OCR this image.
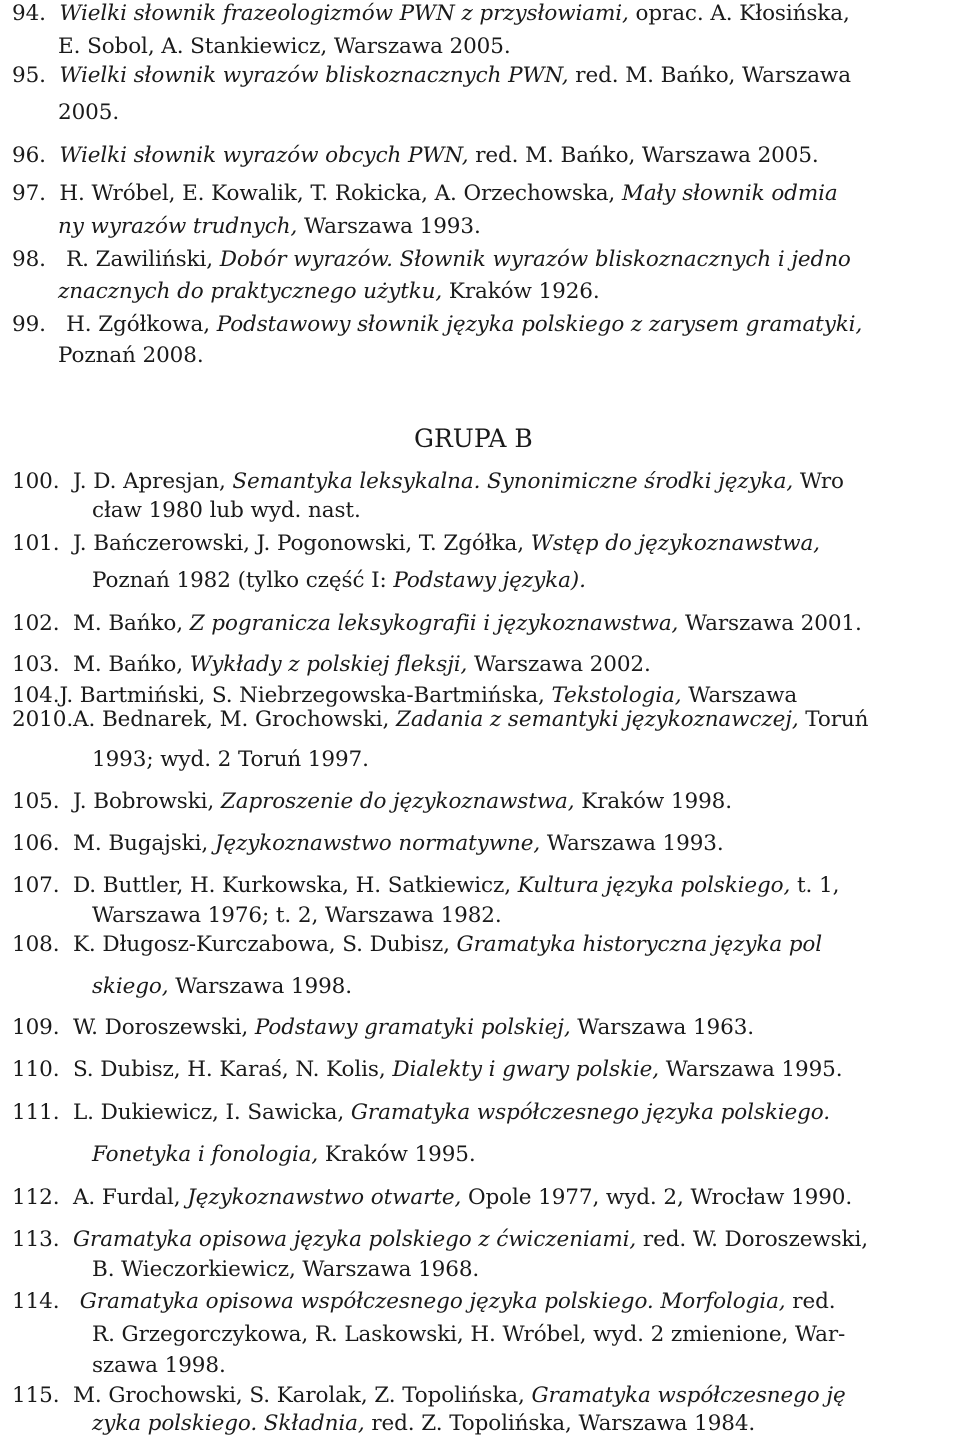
GRUPA B

94.  Wielki słownik frazeologizmów PWN z przysłowiami, oprac. A. Kłosińska,

E. Sobol, A. Stankiewicz, Warszawa 2005.

95.  Wielki słownik wyrazów bliskoznacznych PWN, red. M. Bańko, Warszawa

2005.

96.  Wielki słownik wyrazów obcych PWN, red. M. Bańko, Warszawa 2005.

97.  H. Wróbel, E. Kowalik, T. Rokicka, A. Orzechowska, Mały słownik odmia

ny wyrazów trudnych, Warszawa 1993.

98.   R. Zawiliński, Dobór wyrazów. Słownik wyrazów bliskoznacznych i jedno

znacznych do praktycznego użytku, Kraków 1926.

99.   H. Zgółkowa, Podstawowy słownik języka polskiego z zarysem gramatyki,

Poznań 2008.

100.  J. D. Apresjan, Semantyka leksykalna. Synonimiczne środki języka, Wro

cław 1980 lub wyd. nast.

101.  J. Bańczerowski, J. Pogonowski, T. Zgółka, Wstęp do językoznawstwa,

Poznań 1982 (tylko część I: Podstawy języka).

102.  M. Bańko, Z pogranicza leksykografii i językoznawstwa, Warszawa 2001.

103.  M. Bańko, Wykłady z polskiej fleksji, Warszawa 2002.

104.J. Bartmiński, S. Niebrzegowska-Bartmińska, Tekstologia, Warszawa

2010.A. Bednarek, M. Grochowski, Zadania z semantyki językoznawczej, Toruń

1993; wyd. 2 Toruń 1997.

105.  J. Bobrowski, Zaproszenie do językoznawstwa, Kraków 1998.

106.  M. Bugajski, Językoznawstwo normatywne, Warszawa 1993.

107.  D. Buttler, H. Kurkowska, H. Satkiewicz, Kultura języka polskiego, t. 1,

Warszawa 1976; t. 2, Warszawa 1982.

108.  K. Długosz-Kurczabowa, S. Dubisz, Gramatyka historyczna języka pol

skiego, Warszawa 1998.

109.  W. Doroszewski, Podstawy gramatyki polskiej, Warszawa 1963.

110.  S. Dubisz, H. Karaś, N. Kolis, Dialekty i gwary polskie, Warszawa 1995.

111.  L. Dukiewicz, I. Sawicka, Gramatyka współczesnego języka polskiego.

Fonetyka i fonologia, Kraków 1995.

112.  A. Furdal, Językoznawstwo otwarte, Opole 1977, wyd. 2, Wrocław 1990.

113.  Gramatyka opisowa języka polskiego z ćwiczeniami, red. W. Doroszewski,

B. Wieczorkiewicz, Warszawa 1968.

114.   Gramatyka opisowa współczesnego języka polskiego. Morfologia, red.

R. Grzegorczykowa, R. Laskowski, H. Wróbel, wyd. 2 zmienione, War-

szawa 1998.

115.  M. Grochowski, S. Karolak, Z. Topolińska, Gramatyka współczesnego ję

zyka polskiego. Składnia, red. Z. Topolińska, Warszawa 1984.
